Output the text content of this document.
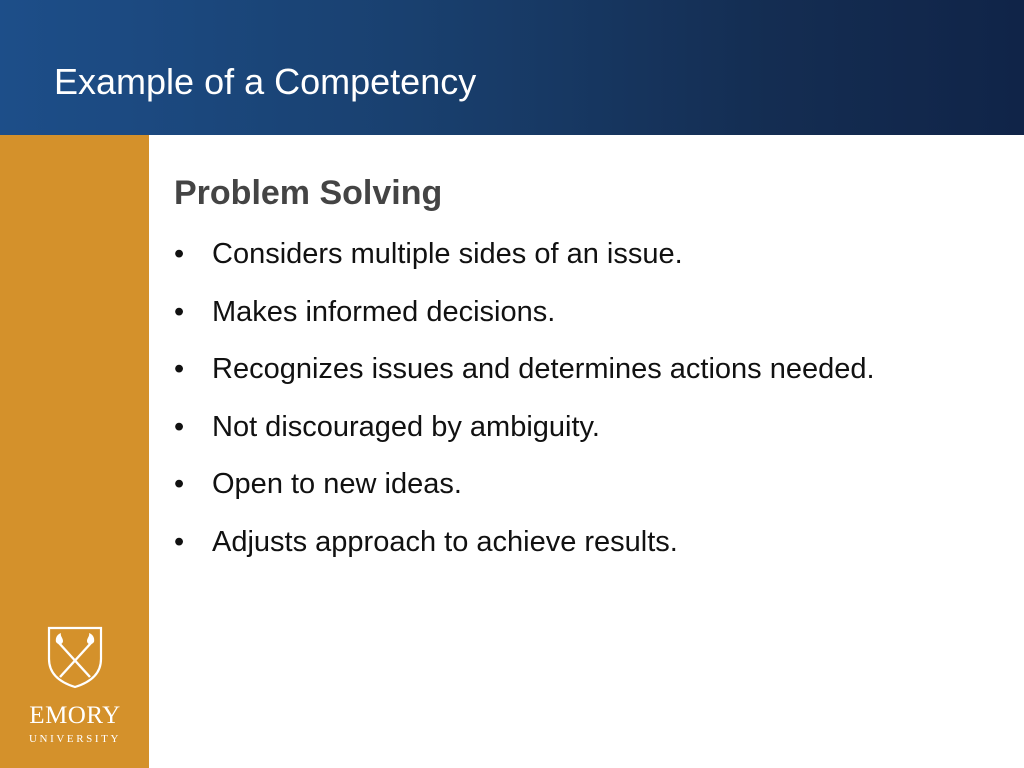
Example of a Competency
EMORY
UNIVERSITY
Problem Solving
• Considers multiple sides of an issue.
• Makes informed decisions.
• Recognizes issues and determines actions needed.
• Not discouraged by ambiguity.
• Open to new ideas.
• Adjusts approach to achieve results.
